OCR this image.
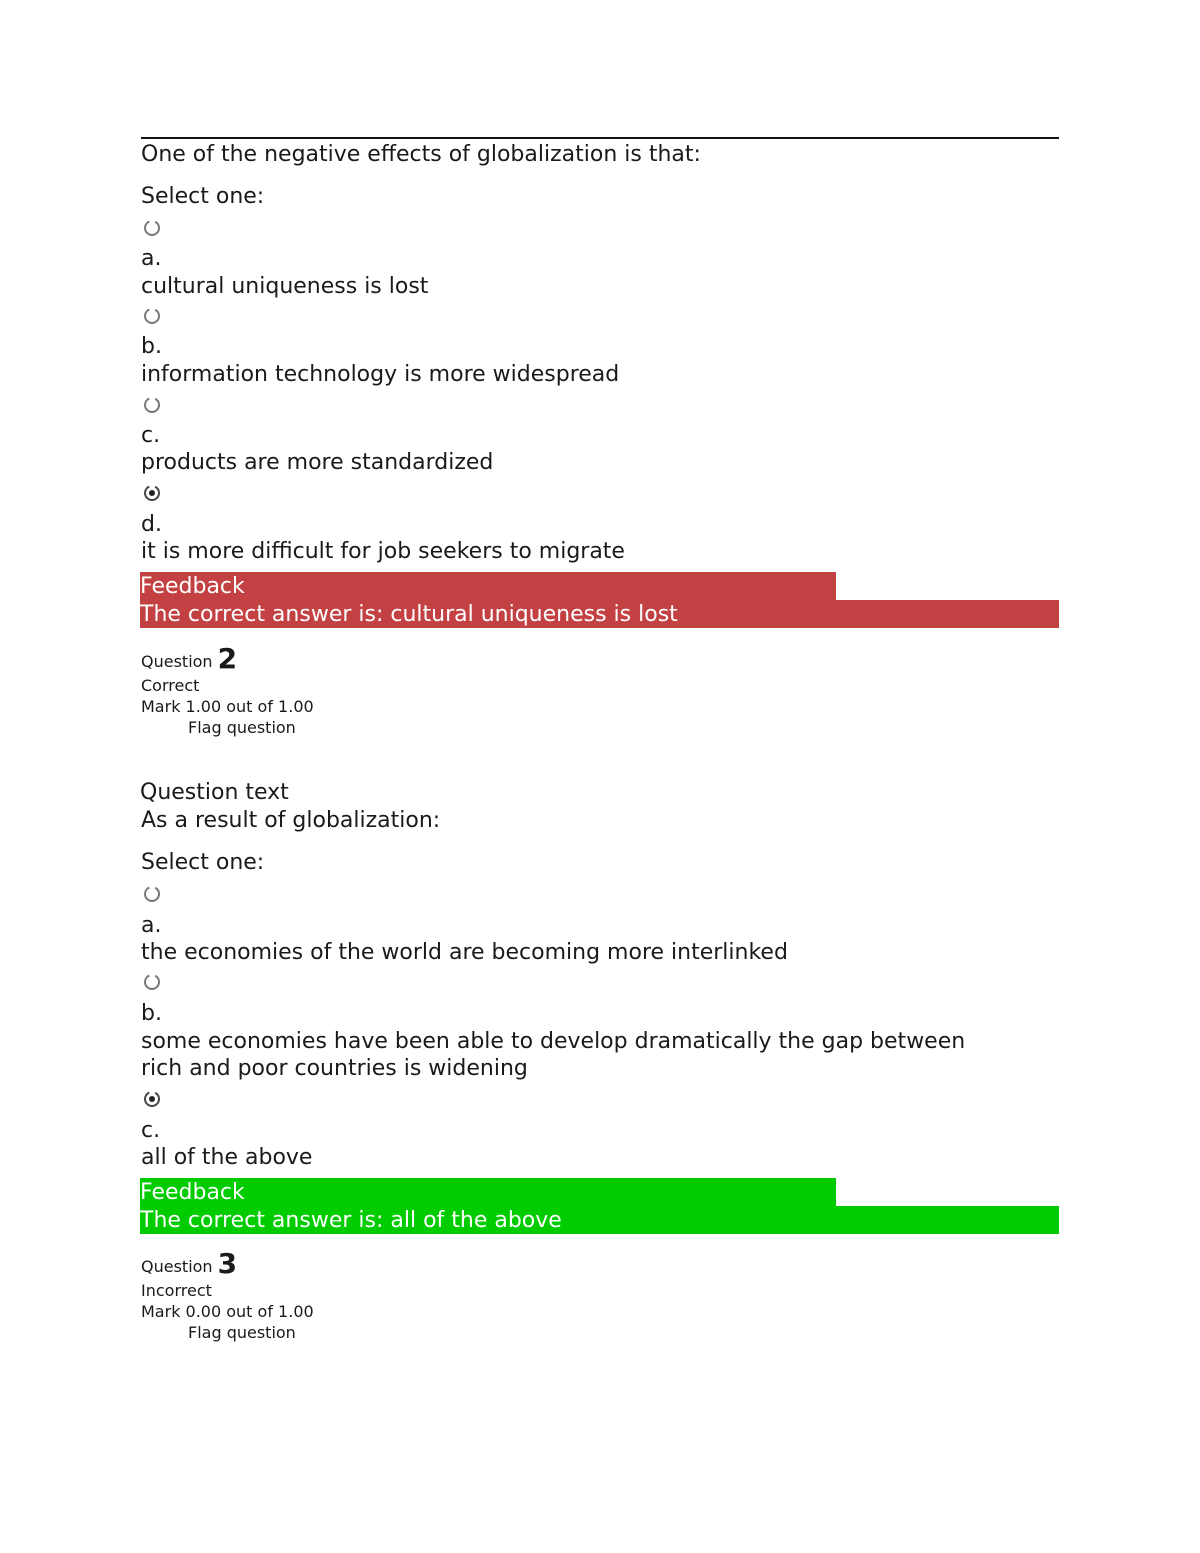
One of the negative effects of globalization is that:
Select one:
a.
cultural uniqueness is lost
b.
information technology is more widespread
c.
products are more standardized
d.
it is more difficult for job seekers to migrate
Feedback
The correct answer is: cultural uniqueness is lost
Question 2
Correct
Mark 1.00 out of 1.00
Flag question
Question text
As a result of globalization:
Select one:
a.
the economies of the world are becoming more interlinked
b.
some economies have been able to develop dramatically the gap between
rich and poor countries is widening
c.
all of the above
Feedback
The correct answer is: all of the above
Question 3
Incorrect
Mark 0.00 out of 1.00
Flag question
